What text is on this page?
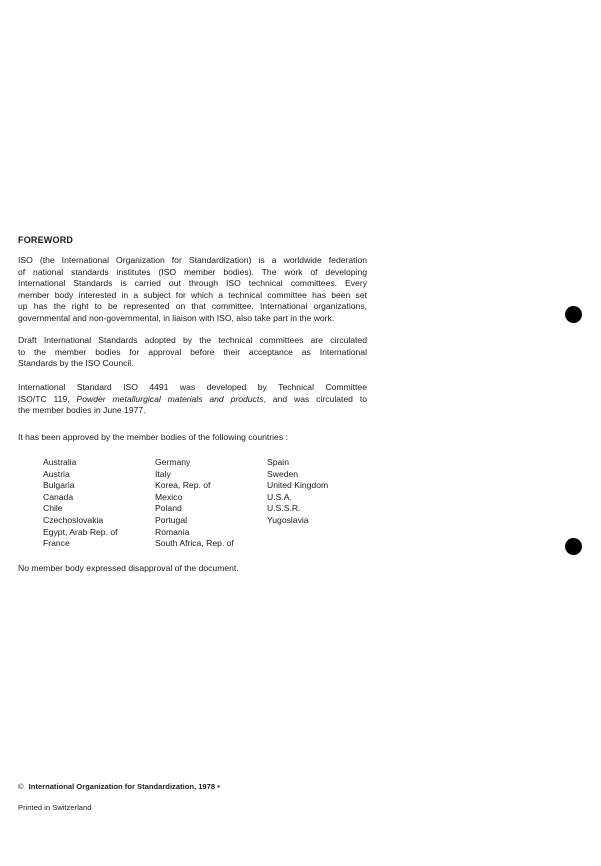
FOREWORD
ISO (the International Organization for Standardization) is a worldwide federation
of national standards institutes (ISO member bodies). The work of developing
International Standards is carried out through ISO technical committees. Every
member body interested in a subject for which a technical committee has been set
up has the right to be represented on that committee. International organizations,
governmental and non-governmental, in liaison with ISO, also take part in the work.
Draft International Standards adopted by the technical committees are circulated
to the member bodies for approval before their acceptance as International
Standards by the ISO Council.
International Standard ISO 4491 was developed by Technical Committee
ISO/TC 119, Powder metallurgical materials and products, and was circulated to
the member bodies in June 1977.
It has been approved by the member bodies of the following countries :
Australia
Austria
Bulgaria
Canada
Chile
Czechoslovakia
Egypt, Arab Rep. of
France
Germany
Italy
Korea, Rep. of
Mexico
Poland
Portugal
Romania
South Africa, Rep. of
Spain
Sweden
United Kingdom
U.S.A.
U.S.S.R.
Yugoslavia
No member body expressed disapproval of the document.
© International Organization for Standardization, 1978 •
Printed in Switzerland
